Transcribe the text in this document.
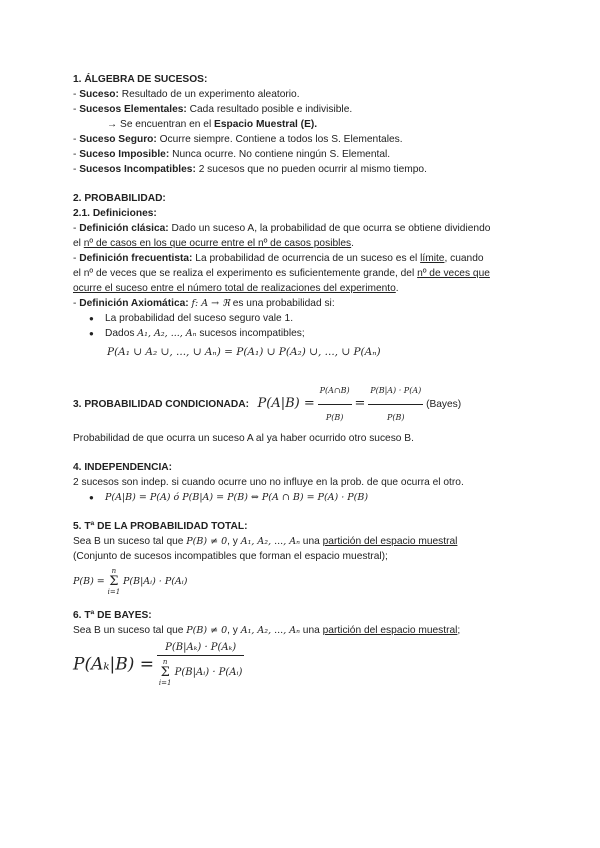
1. ÁLGEBRA DE SUCESOS:
- Suceso: Resultado de un experimento aleatorio.
- Sucesos Elementales: Cada resultado posible e indivisible.
→ Se encuentran en el Espacio Muestral (E).
- Suceso Seguro: Ocurre siempre. Contiene a todos los S. Elementales.
- Suceso Imposible: Nunca ocurre. No contiene ningún S. Elemental.
- Sucesos Incompatibles: 2 sucesos que no pueden ocurrir al mismo tiempo.
2. PROBABILIDAD:
2.1. Definiciones:
- Definición clásica: Dado un suceso A, la probabilidad de que ocurra se obtiene dividiendo
el nº de casos en los que ocurre entre el nº de casos posibles.
- Definición frecuentista: La probabilidad de ocurrencia de un suceso es el límite, cuando
el nº de veces que se realiza el experimento es suficientemente grande, del nº de veces que
ocurre el suceso entre el número total de realizaciones del experimento.
- Definición Axiomática: f: A → ℜ es una probabilidad si:
● La probabilidad del suceso seguro vale 1.
● Dados A₁, A₂, ..., Aₙ sucesos incompatibles;
P(A₁ ∪ A₂ ∪, ..., ∪ Aₙ) = P(A₁) ∪ P(A₂) ∪, ..., ∪ P(Aₙ)
3. PROBABILIDAD CONDICIONADA: $P(A|B) = \frac{P(A\cap B)}{P(B)} = \frac{P(B|A) \cdot P(A)}{P(B)}$ (Bayes)
Probabilidad de que ocurra un suceso A al ya haber ocurrido otro suceso B.
4. INDEPENDENCIA:
2 sucesos son indep. si cuando ocurre uno no influye en la prob. de que ocurra el otro.
● P(A|B) = P(A) ó P(B|A) = P(B) ⇔ P(A ∩ B) = P(A) · P(B)
5. Tª DE LA PROBABILIDAD TOTAL:
Sea B un suceso tal que P(B) ≠ 0, y A₁, A₂, ..., Aₙ una partición del espacio muestral
(Conjunto de sucesos incompatibles que forman el espacio muestral);
P(B) =
n
Σ
i=1
P(B|Aᵢ) · P(Aᵢ)
6. Tª DE BAYES:
Sea B un suceso tal que P(B) ≠ 0, y A₁, A₂, ..., Aₙ una partición del espacio muestral;
P(Aₖ|B) = P(B|Aₖ) · P(Aₖ)
n
Σ
i=1
P(B|Aᵢ) · P(Aᵢ)
